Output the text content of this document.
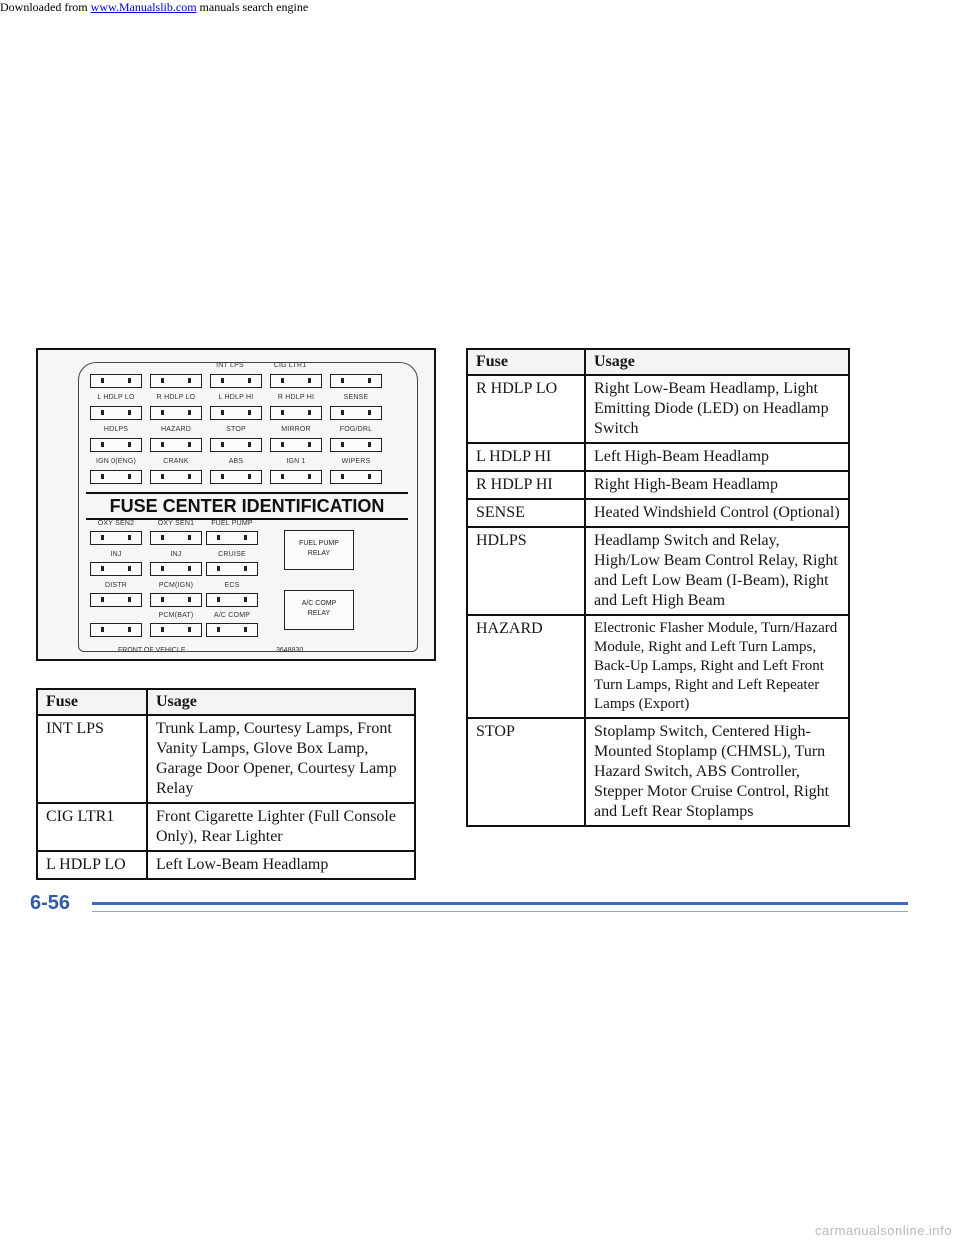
Downloaded from www.Manualslib.com manuals search engine
INT LPS	CIG LTR1
L HDLP LO	R HDLP LO	L HDLP HI	R HDLP HI	SENSE
HDLPS	HAZARD	STOP	MIRROR	FOG/DRL
IGN 0(ENG)	CRANK	ABS	IGN 1	WIPERS
FUSE CENTER IDENTIFICATION
OXY SEN2	OXY SEN1	FUEL PUMP
FUEL PUMP
RELAY
INJ	INJ	CRUISE
DISTR	PCM(IGN)	ECS
A/C COMP
RELAY
PCM(BAT)	A/C COMP
FRONT OF VEHICLE	3648830
Fuse	Usage
INT LPS	Trunk Lamp, Courtesy Lamps, Front Vanity Lamps, Glove Box Lamp, Garage Door Opener, Courtesy Lamp Relay
CIG LTR1	Front Cigarette Lighter (Full Console Only), Rear Lighter
L HDLP LO	Left Low-Beam Headlamp
Fuse	Usage
R HDLP LO	Right Low-Beam Headlamp, Light Emitting Diode (LED) on Headlamp Switch
L HDLP HI	Left High-Beam Headlamp
R HDLP HI	Right High-Beam Headlamp
SENSE	Heated Windshield Control (Optional)
HDLPS	Headlamp Switch and Relay, High/Low Beam Control Relay, Right and Left Low Beam (I-Beam), Right and Left High Beam
HAZARD	Electronic Flasher Module, Turn/Hazard Module, Right and Left Turn Lamps, Back-Up Lamps, Right and Left Front Turn Lamps, Right and Left Repeater Lamps (Export)
STOP	Stoplamp Switch, Centered High-Mounted Stoplamp (CHMSL), Turn Hazard Switch, ABS Controller, Stepper Motor Cruise Control, Right and Left Rear Stoplamps
6-56
carmanualsonline.info
